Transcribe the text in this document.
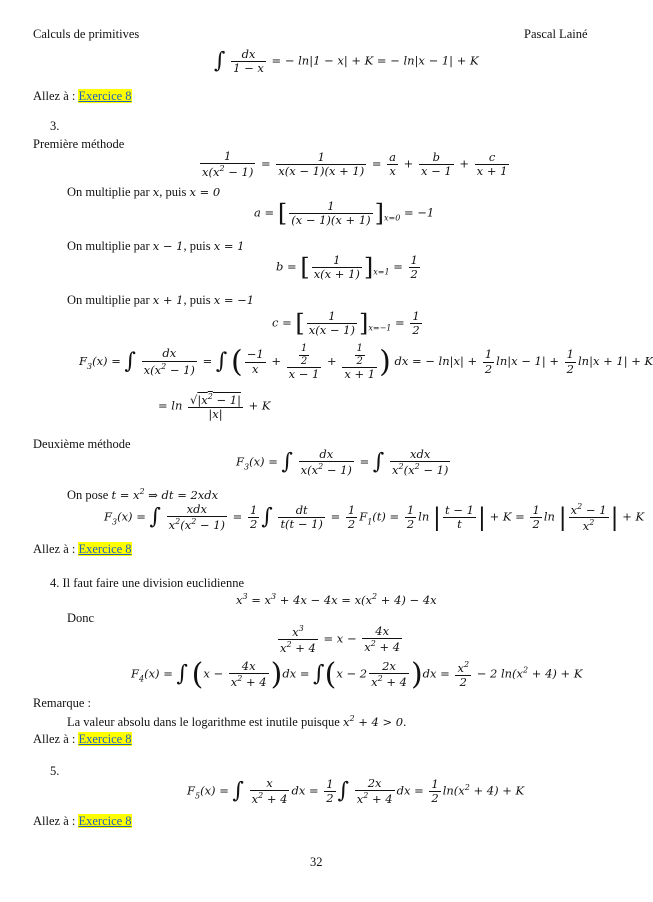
Calculs de primitives	Pascal Lainé
∫ $\frac{dx}{1 - x}$ = − ln|1 − x| + K = − ln|x − 1| + K
Allez à : Exercice 8
3.
Première méthode
$\frac{1}{x(x^2 - 1)} = \frac{1}{x(x - 1)(x + 1)} = \frac{a}{x} + \frac{b}{x - 1} + \frac{c}{x + 1}$
On multiplie par x, puis x = 0
a = [ $\frac{1}{(x - 1)(x + 1)} ]_{x=0} = -1$
On multiplie par x − 1, puis x = 1
b = [ $\frac{1}{x(x + 1)} ]_{x=1} = \frac{1}{2}$
On multiplie par x + 1, puis x = −1
c = [ $\frac{1}{x(x - 1)} ]_{x=-1} = \frac{1}{2}$
$F_3(x)$ = ∫ $\frac{dx}{x(x^2 - 1)}$ = ∫ ( $\frac{-1}{x} + \frac{\frac{1}{2}}{x - 1} + \frac{\frac{1}{2}}{x + 1}$ ) dx = − $\ln|x| + \frac{1}{2} \ln|x - 1| + \frac{1}{2} \ln|x + 1| + K$
= $\ln \frac{√|x^2 - 1|}{|x|} + K$
Deuxième méthode
$F_3(x)$ = ∫ $\frac{dx}{x(x^2 - 1)}$ = ∫ $\frac{\text{xdx}}{x^2(x^2 - 1)}$
On pose $t = x^2$ ⇒ dt = 2xdx
$F_3(x)$ = ∫ $\frac{\text{xdx}}{x^2(x^2 - 1)} = \frac{1}{2}$ ∫ $\frac{dt}{t(t - 1)} = \frac{1}{2} F_1(t) = \frac{1}{2}$ ln | $\frac{t - 1}{t}$ | + $K = \frac{1}{2}$ ln | $\frac{x^2 - 1}{x^2}$ | + K
Allez à : Exercice 8
4. Il faut faire une division euclidienne
$x^3 = x^3 + 4x - 4x = x(x^2 + 4) - 4x$
Donc
$\frac{x^3}{x^2 + 4} = x - \frac{4x}{x^2 + 4}$
$F_4(x)$ = ∫ $(x - \frac{4x}{x^2 + 4} )dx = \int(x - 2 \frac{2x}{x^2 + 4} )dx = \frac{x^2}{2} - 2$ $\ln(x^2 + 4) + K$
Remarque :
La valeur absolu dans le logarithme est inutile puisque $x^2 + 4 > 0$.
Allez à : Exercice 8
5.
$F_5(x)$ = ∫ $\frac{x}{x^2 + 4}$ dx = $\frac{1}{2}$ ∫ $\frac{2x}{x^2 + 4}$ dx = $\frac{1}{2} \ln(x^2 + 4) + K$
Allez à : Exercice 8
32
